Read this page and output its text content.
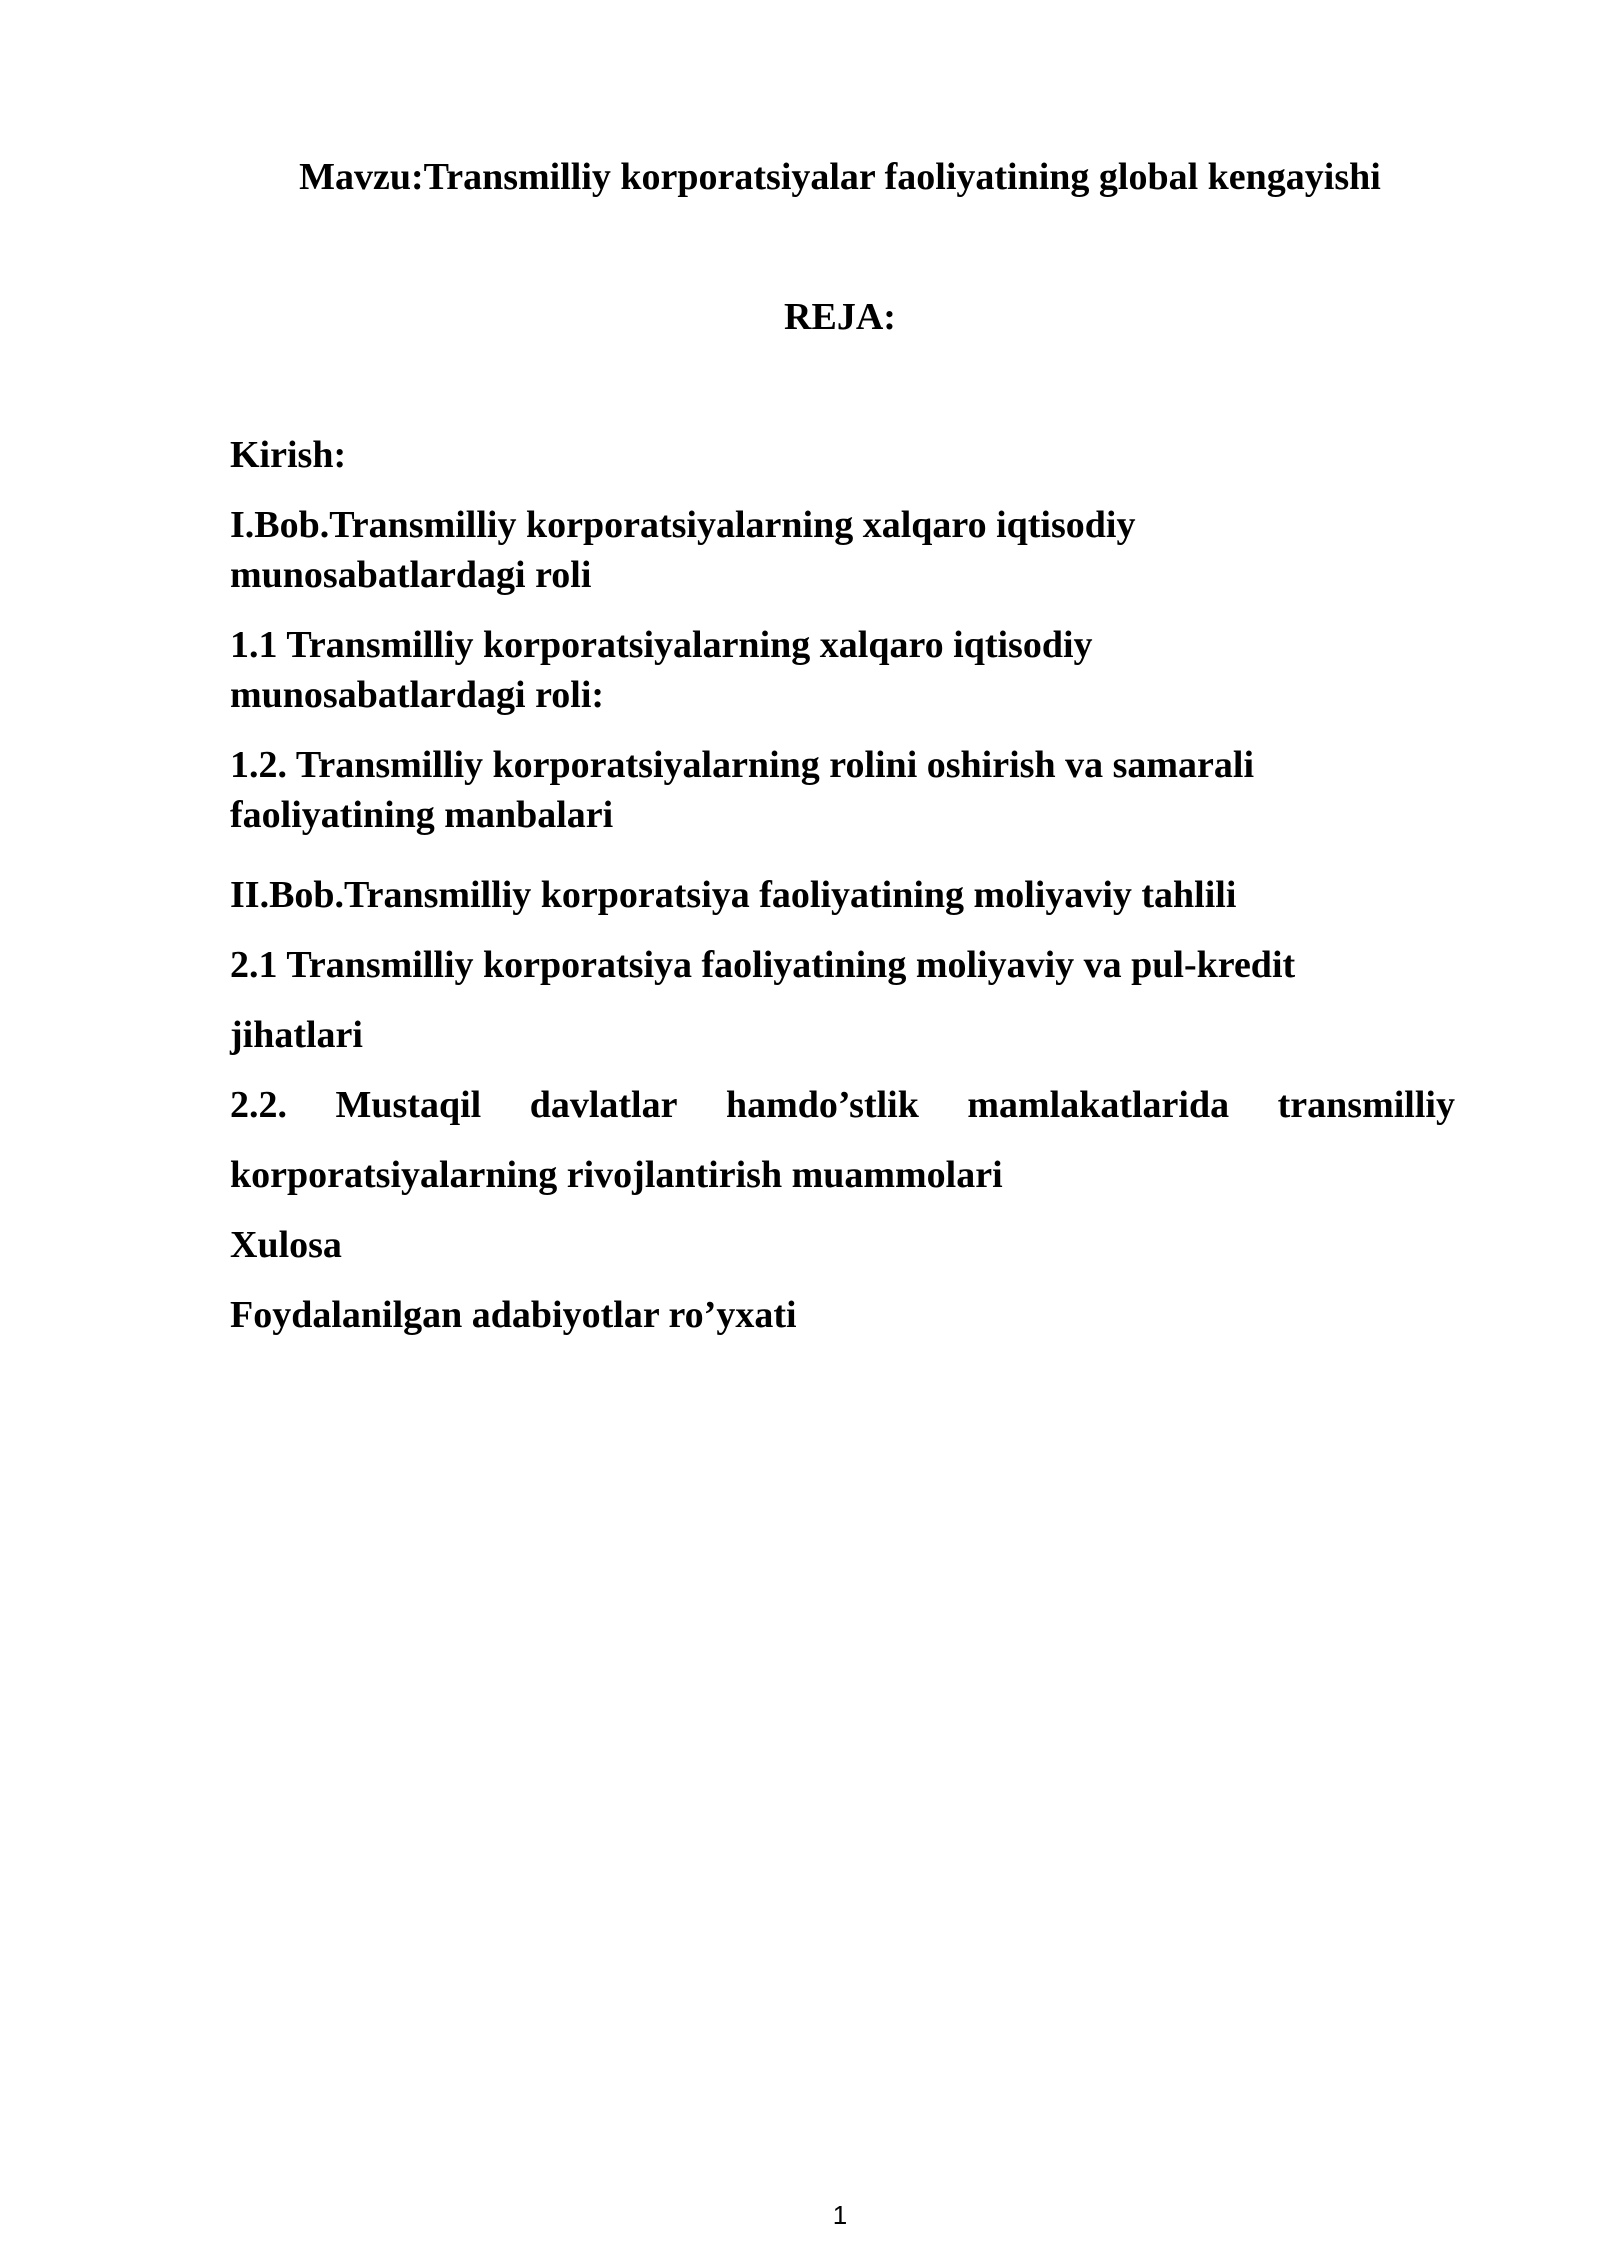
Mavzu:Transmilliy korporatsiyalar faoliyatining global kengayishi
REJA:
Kirish:
I.Bob.Transmilliy korporatsiyalarning xalqaro iqtisodiy munosabatlardagi roli
1.1 Transmilliy korporatsiyalarning xalqaro iqtisodiy munosabatlardagi roli:
1.2. Transmilliy korporatsiyalarning rolini oshirish va samarali faoliyatining manbalari
II.Bob.Transmilliy korporatsiya faoliyatining moliyaviy tahlili
2.1 Transmilliy korporatsiya faoliyatining moliyaviy va pul-kredit
jihatlari
2.2. Mustaqil davlatlar hamdo’stlik mamlakatlarida transmilliy
korporatsiyalarning rivojlantirish muammolari
Xulosa
Foydalanilgan adabiyotlar ro’yxati
1
